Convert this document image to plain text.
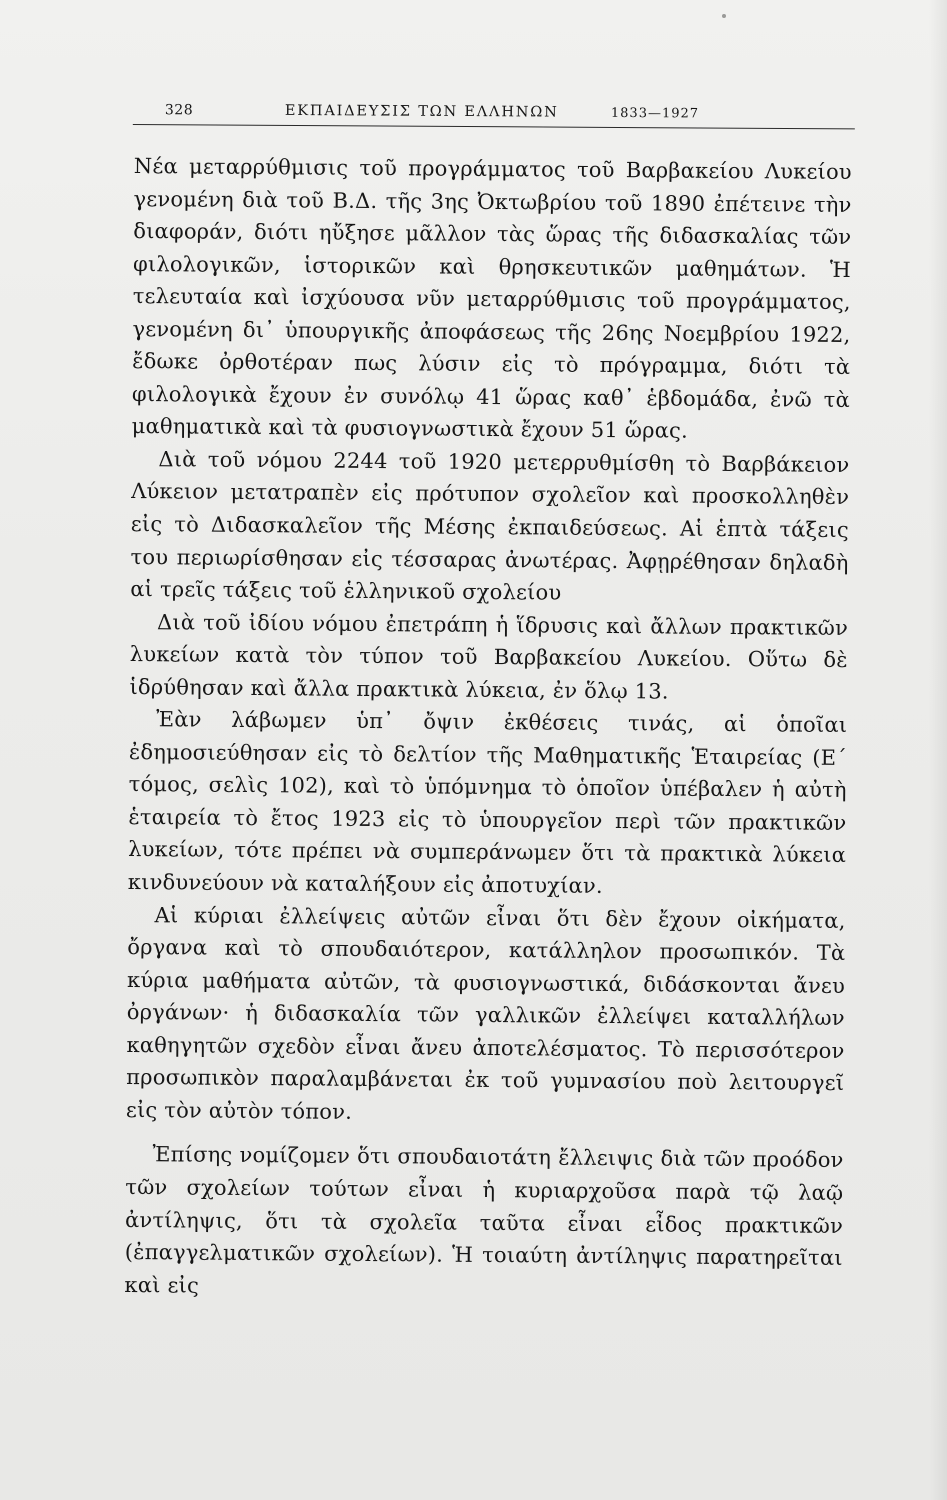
328	ΕΚΠΑΙΔΕΥΣΙΣ ΤΩΝ ΕΛΛΗΝΩΝ	1833—1927

Νέα μεταρρύθμισις τοῦ προγράμματος τοῦ Βαρβακείου Λυκείου γενομένη διὰ τοῦ Β.Δ. τῆς 3ης Ὀκτωβρίου τοῦ 1890 ἐπέτεινε τὴν διαφοράν, διότι ηὔξησε μᾶλλον τὰς ὥρας τῆς διδασκαλίας τῶν φιλολογικῶν, ἱστορικῶν καὶ θρησκευτικῶν μαθημάτων. Ἡ τελευταία καὶ ἰσχύουσα νῦν μεταρρύθμισις τοῦ προγράμματος, γενομένη δι᾽ ὑπουργικῆς ἀποφάσεως τῆς 26ης Νοεμβρίου 1922, ἔδωκε ὀρθοτέραν πως λύσιν εἰς τὸ πρόγραμμα, διότι τὰ φιλολογικὰ ἔχουν ἐν συνόλῳ 41 ὥρας καθ᾽ ἑβδομάδα, ἐνῶ τὰ μαθηματικὰ καὶ τὰ φυσιογνωστικὰ ἔχουν 51 ὥρας.

Διὰ τοῦ νόμου 2244 τοῦ 1920 μετερρυθμίσθη τὸ Βαρβάκειον Λύκειον μετατραπὲν εἰς πρότυπον σχολεῖον καὶ προσκολληθὲν εἰς τὸ Διδασκαλεῖον τῆς Μέσης ἐκπαιδεύσεως. Αἱ ἑπτὰ τάξεις του περιωρίσθησαν εἰς τέσσαρας ἀνωτέρας. Ἀφῃρέθησαν δηλαδὴ αἱ τρεῖς τάξεις τοῦ ἑλληνικοῦ σχολείου

Διὰ τοῦ ἰδίου νόμου ἐπετράπη ἡ ἵδρυσις καὶ ἄλλων πρακτικῶν λυκείων κατὰ τὸν τύπον τοῦ Βαρβακείου Λυκείου. Οὕτω δὲ ἱδρύθησαν καὶ ἄλλα πρακτικὰ λύκεια, ἐν ὅλῳ 13.

Ἐὰν λάβωμεν ὑπ᾽ ὄψιν ἐκθέσεις τινάς, αἱ ὁποῖαι ἐδημοσιεύθησαν εἰς τὸ δελτίον τῆς Μαθηματικῆς Ἑταιρείας (Ε´ τόμος, σελὶς 102), καὶ τὸ ὑπόμνημα τὸ ὁποῖον ὑπέβαλεν ἡ αὐτὴ ἑταιρεία τὸ ἔτος 1923 εἰς τὸ ὑπουργεῖον περὶ τῶν πρακτικῶν λυκείων, τότε πρέπει νὰ συμπεράνωμεν ὅτι τὰ πρακτικὰ λύκεια κινδυνεύουν νὰ καταλήξουν εἰς ἀποτυχίαν.

Αἱ κύριαι ἐλλείψεις αὐτῶν εἶναι ὅτι δὲν ἔχουν οἰκήματα, ὄργανα καὶ τὸ σπουδαιότερον, κατάλληλον προσωπικόν. Τὰ κύρια μαθήματα αὐτῶν, τὰ φυσιογνωστικά, διδάσκονται ἄνευ ὀργάνων· ἡ διδασκαλία τῶν γαλλικῶν ἐλλείψει καταλλήλων καθηγητῶν σχεδὸν εἶναι ἄνευ ἀποτελέσματος. Τὸ περισσότερον προσωπικὸν παραλαμβάνεται ἐκ τοῦ γυμνασίου ποὺ λειτουργεῖ εἰς τὸν αὐτὸν τόπον.

Ἐπίσης νομίζομεν ὅτι σπουδαιοτάτη ἔλλειψις διὰ τῶν προόδον τῶν σχολείων τούτων εἶναι ἡ κυριαρχοῦσα παρὰ τῷ λαῷ ἀντίληψις, ὅτι τὰ σχολεῖα ταῦτα εἶναι εἶδος πρακτικῶν (ἐπαγγελματικῶν σχολείων). Ἡ τοιαύτη ἀντίληψις παρατηρεῖται καὶ εἰς
